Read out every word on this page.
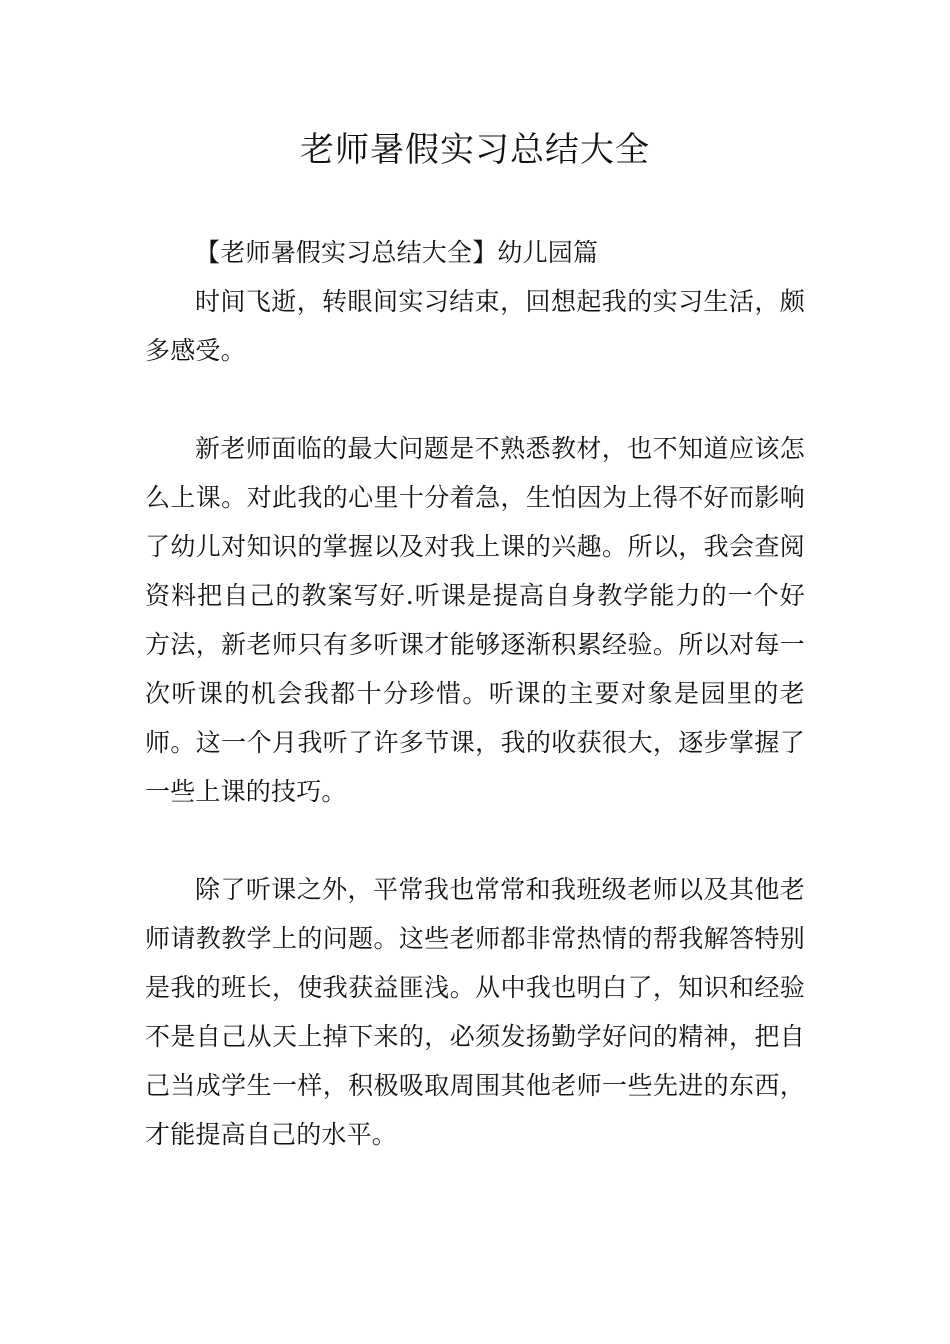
老师暑假实习总结大全

【老师暑假实习总结大全】幼儿园篇

时间飞逝，转眼间实习结束，回想起我的实习生活，颇多感受。

新老师面临的最大问题是不熟悉教材，也不知道应该怎么上课。对此我的心里十分着急，生怕因为上得不好而影响了幼儿对知识的掌握以及对我上课的兴趣。所以，我会查阅资料把自己的教案写好.听课是提高自身教学能力的一个好方法，新老师只有多听课才能够逐渐积累经验。所以对每一次听课的机会我都十分珍惜。听课的主要对象是园里的老师。这一个月我听了许多节课，我的收获很大，逐步掌握了一些上课的技巧。

除了听课之外，平常我也常常和我班级老师以及其他老师请教教学上的问题。这些老师都非常热情的帮我解答特别是我的班长，使我获益匪浅。从中我也明白了，知识和经验不是自己从天上掉下来的，必须发扬勤学好问的精神，把自己当成学生一样，积极吸取周围其他老师一些先进的东西，才能提高自己的水平。
